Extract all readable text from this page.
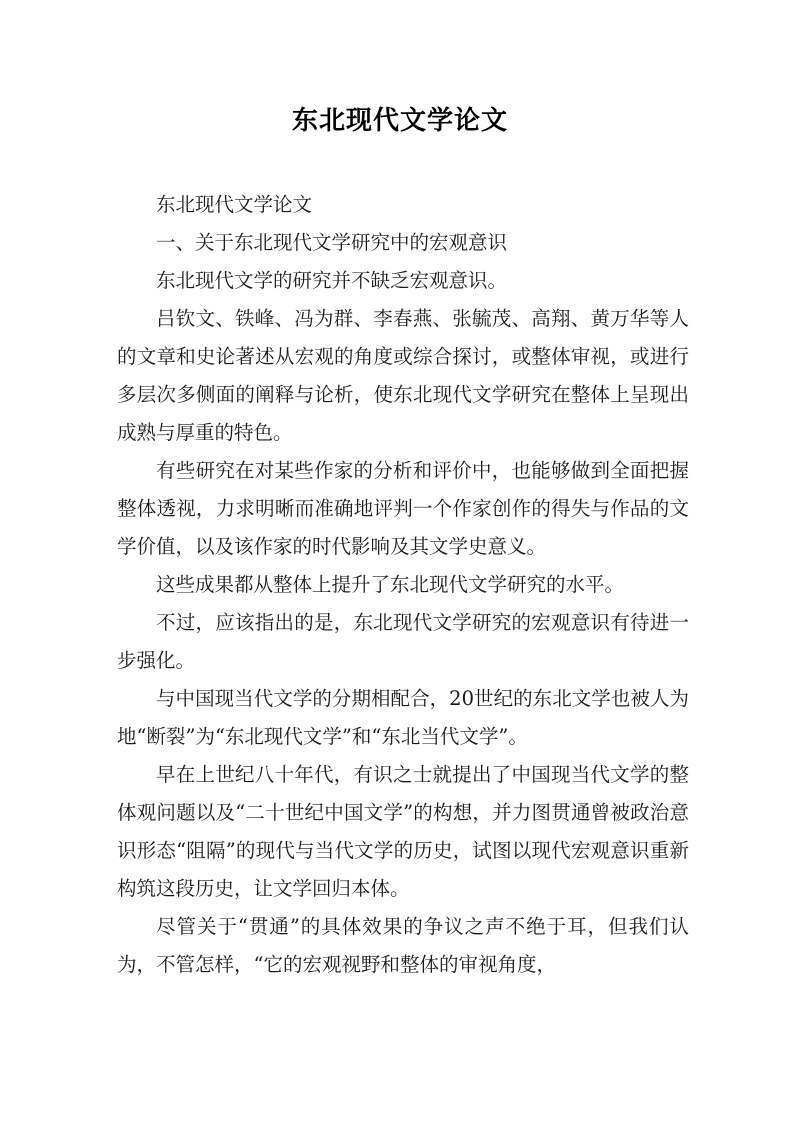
东北现代文学论文

东北现代文学论文

一、关于东北现代文学研究中的宏观意识

东北现代文学的研究并不缺乏宏观意识。

吕钦文、铁峰、冯为群、李春燕、张毓茂、高翔、黄万华等人的文章和史论著述从宏观的角度或综合探讨，或整体审视，或进行多层次多侧面的阐释与论析，使东北现代文学研究在整体上呈现出成熟与厚重的特色。

有些研究在对某些作家的分析和评价中，也能够做到全面把握整体透视，力求明晰而准确地评判一个作家创作的得失与作品的文学价值，以及该作家的时代影响及其文学史意义。

这些成果都从整体上提升了东北现代文学研究的水平。

不过，应该指出的是，东北现代文学研究的宏观意识有待进一步强化。

与中国现当代文学的分期相配合，20世纪的东北文学也被人为地“断裂”为“东北现代文学”和“东北当代文学”。

早在上世纪八十年代，有识之士就提出了中国现当代文学的整体观问题以及“二十世纪中国文学”的构想，并力图贯通曾被政治意识形态“阻隔”的现代与当代文学的历史，试图以现代宏观意识重新构筑这段历史，让文学回归本体。

尽管关于“贯通”的具体效果的争议之声不绝于耳，但我们认为，不管怎样，“它的宏观视野和整体的审视角度，
